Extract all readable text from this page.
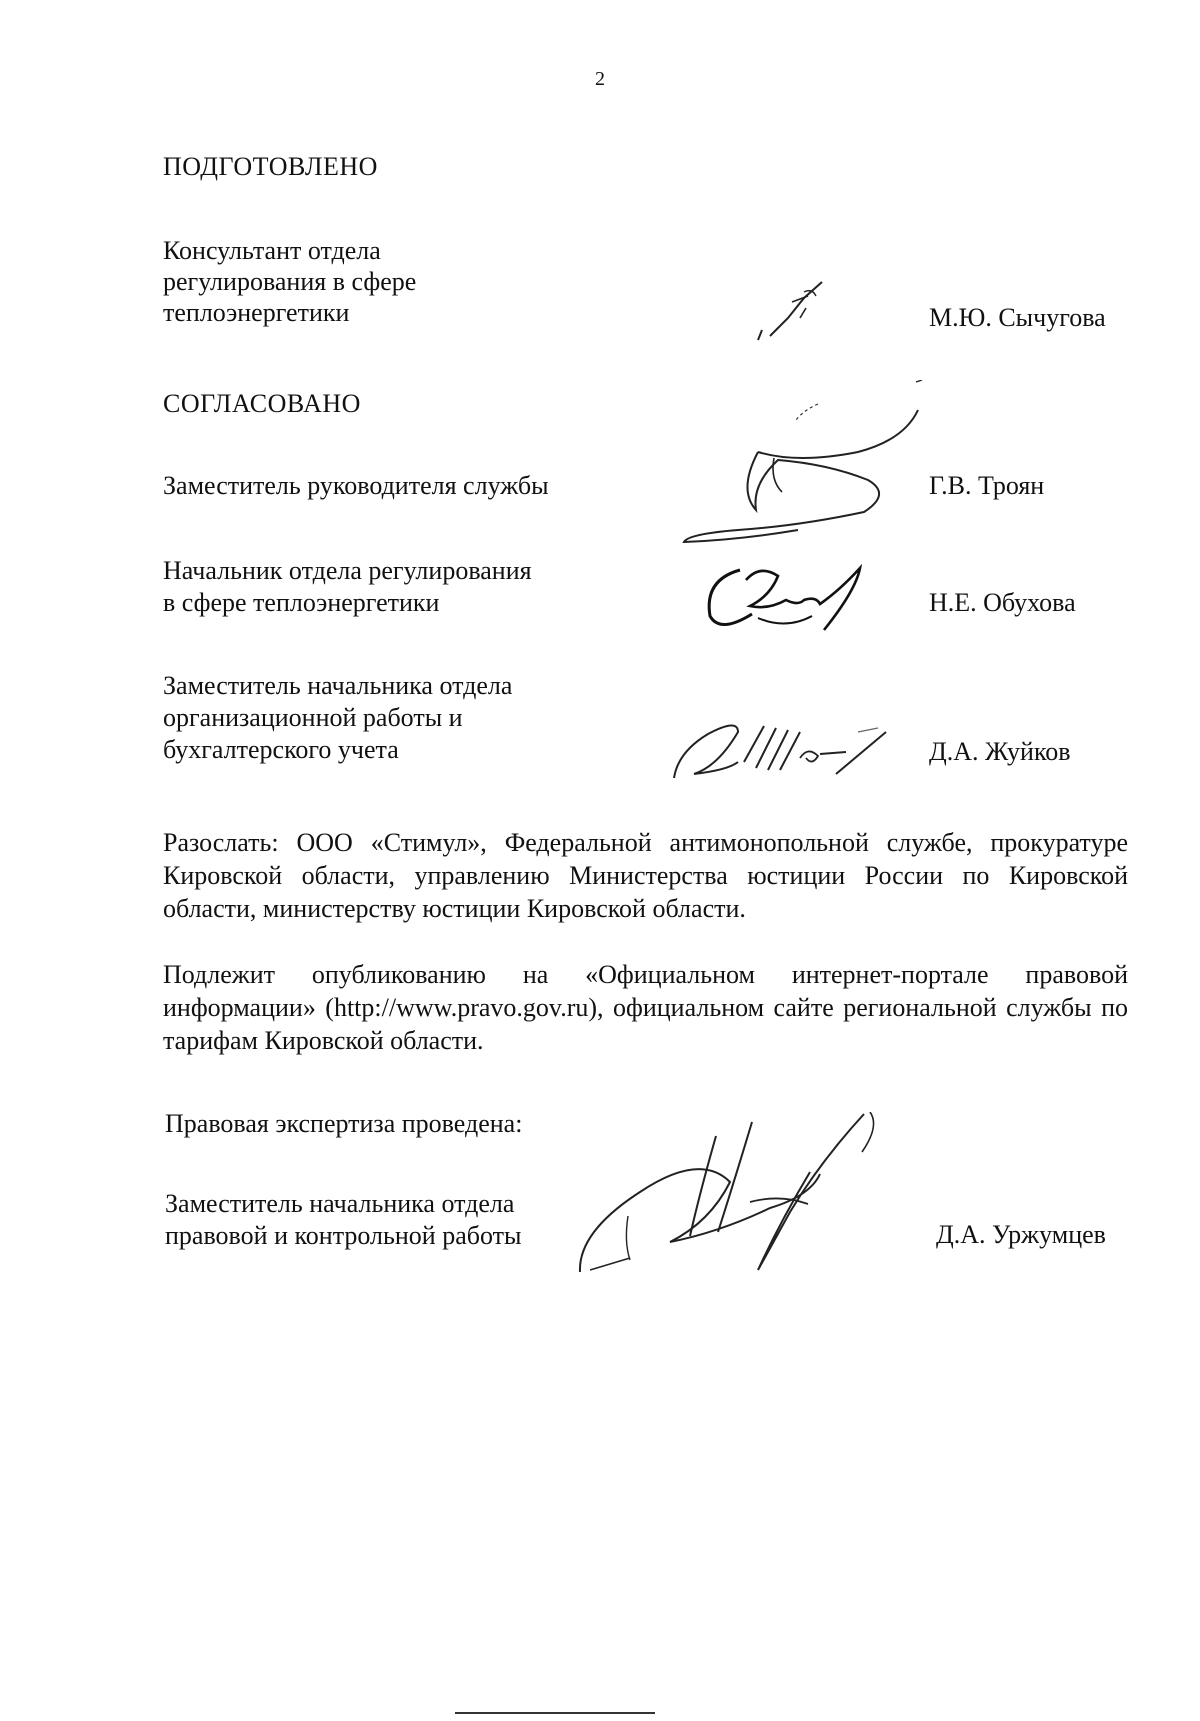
2
ПОДГОТОВЛЕНО
Консультант отдела
регулирования в сфере
теплоэнергетики	М.Ю. Сычугова
СОГЛАСОВАНО
Заместитель руководителя службы	Г.В. Троян
Начальник отдела регулирования
в сфере теплоэнергетики	Н.Е. Обухова
Заместитель начальника отдела
организационной работы и
бухгалтерского учета	Д.А. Жуйков
Разослать: ООО «Стимул», Федеральной антимонопольной службе, прокуратуре Кировской области, управлению Министерства юстиции России по Кировской области, министерству юстиции Кировской области.
Подлежит опубликованию на «Официальном интернет-портале правовой информации» (http://www.pravo.gov.ru), официальном сайте региональной службы по тарифам Кировской области.
Правовая экспертиза проведена:
Заместитель начальника отдела
правовой и контрольной работы	Д.А. Уржумцев
